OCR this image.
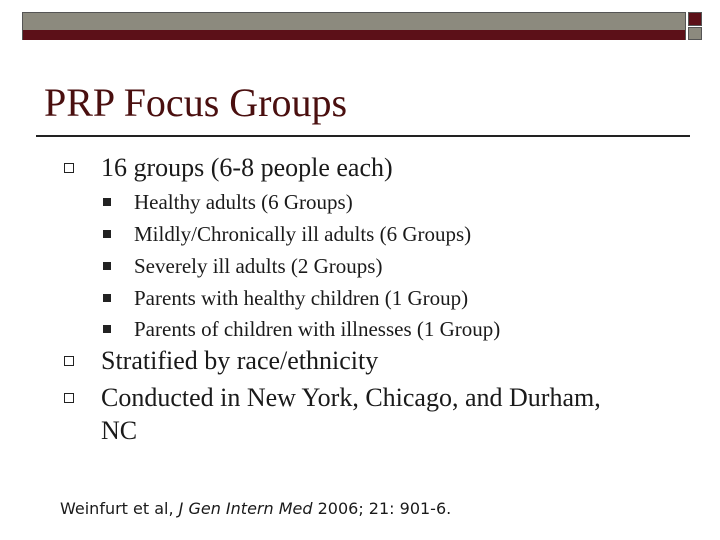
PRP Focus Groups
16 groups (6-8 people each)
Healthy adults (6 Groups)
Mildly/Chronically ill adults (6 Groups)
Severely ill adults (2 Groups)
Parents with healthy children (1 Group)
Parents of children with illnesses (1 Group)
Stratified by race/ethnicity
Conducted in New York, Chicago, and Durham,
NC
Weinfurt et al, J Gen Intern Med 2006; 21: 901-6.
